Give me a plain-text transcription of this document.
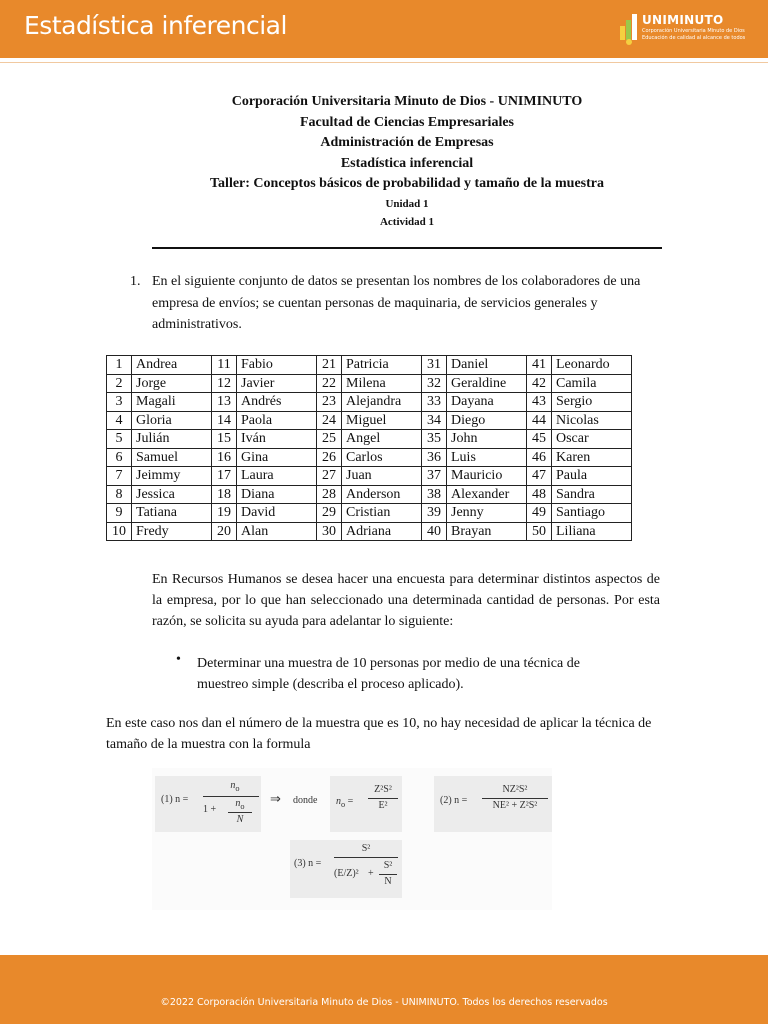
Estadística inferencial	UNIMINUTO
Corporación Universitaria Minuto de Dios
Educación de calidad al alcance de todos
Corporación Universitaria Minuto de Dios - UNIMINUTO
Facultad de Ciencias Empresariales
Administración de Empresas
Estadística inferencial
Taller: Conceptos básicos de probabilidad y tamaño de la muestra
Unidad 1
Actividad 1
1. En el siguiente conjunto de datos se presentan los nombres de los colaboradores de una empresa de envíos; se cuentan personas de maquinaria, de servicios generales y administrativos.
1	Andrea	11	Fabio	21	Patricia	31	Daniel	41	Leonardo
2	Jorge	12	Javier	22	Milena	32	Geraldine	42	Camila
3	Magali	13	Andrés	23	Alejandra	33	Dayana	43	Sergio
4	Gloria	14	Paola	24	Miguel	34	Diego	44	Nicolas
5	Julián	15	Iván	25	Angel	35	John	45	Oscar
6	Samuel	16	Gina	26	Carlos	36	Luis	46	Karen
7	Jeimmy	17	Laura	27	Juan	37	Mauricio	47	Paula
8	Jessica	18	Diana	28	Anderson	38	Alexander	48	Sandra
9	Tatiana	19	David	29	Cristian	39	Jenny	49	Santiago
10	Fredy	20	Alan	30	Adriana	40	Brayan	50	Liliana
En Recursos Humanos se desea hacer una encuesta para determinar distintos aspectos de la empresa, por lo que han seleccionado una determinada cantidad de personas. Por esta razón, se solicita su ayuda para adelantar lo siguiente:
• Determinar una muestra de 10 personas por medio de una técnica de muestreo simple (describa el proceso aplicado).
En este caso nos dan el número de la muestra que es 10, no hay necesidad de aplicar la técnica de tamaño de la muestra con la formula
(1) n =
$n_o$
1 +
$n_o$
N
⇒ donde $n_o$ =
Z²S²
E²	(2) n =
NZ²S²
NE² + Z²S²
(3) n =
S²
(E/Z)² +
S²
N
©2022 Corporación Universitaria Minuto de Dios - UNIMINUTO. Todos los derechos reservados
